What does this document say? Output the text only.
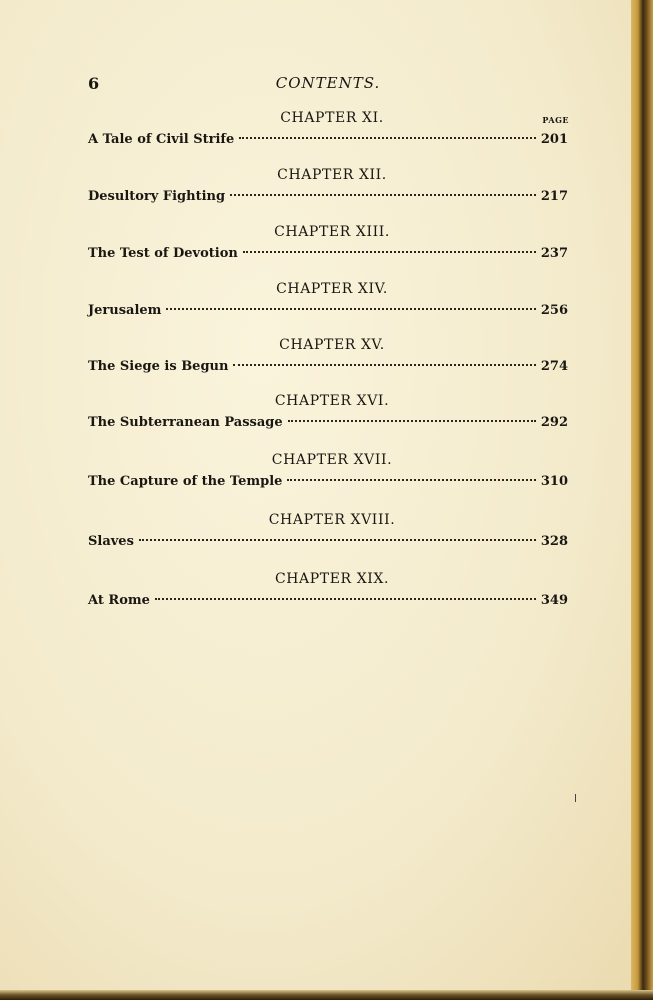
6	CONTENTS.
PAGE
CHAPTER XI.
A Tale of Civil Strife	201
CHAPTER XII.
Desultory Fighting	217
CHAPTER XIII.
The Test of Devotion	237
CHAPTER XIV.
Jerusalem	256
CHAPTER XV.
The Siege is Begun	274
CHAPTER XVI.
The Subterranean Passage	292
CHAPTER XVII.
The Capture of the Temple	310
CHAPTER XVIII.
Slaves	328
CHAPTER XIX.
At Rome	349
